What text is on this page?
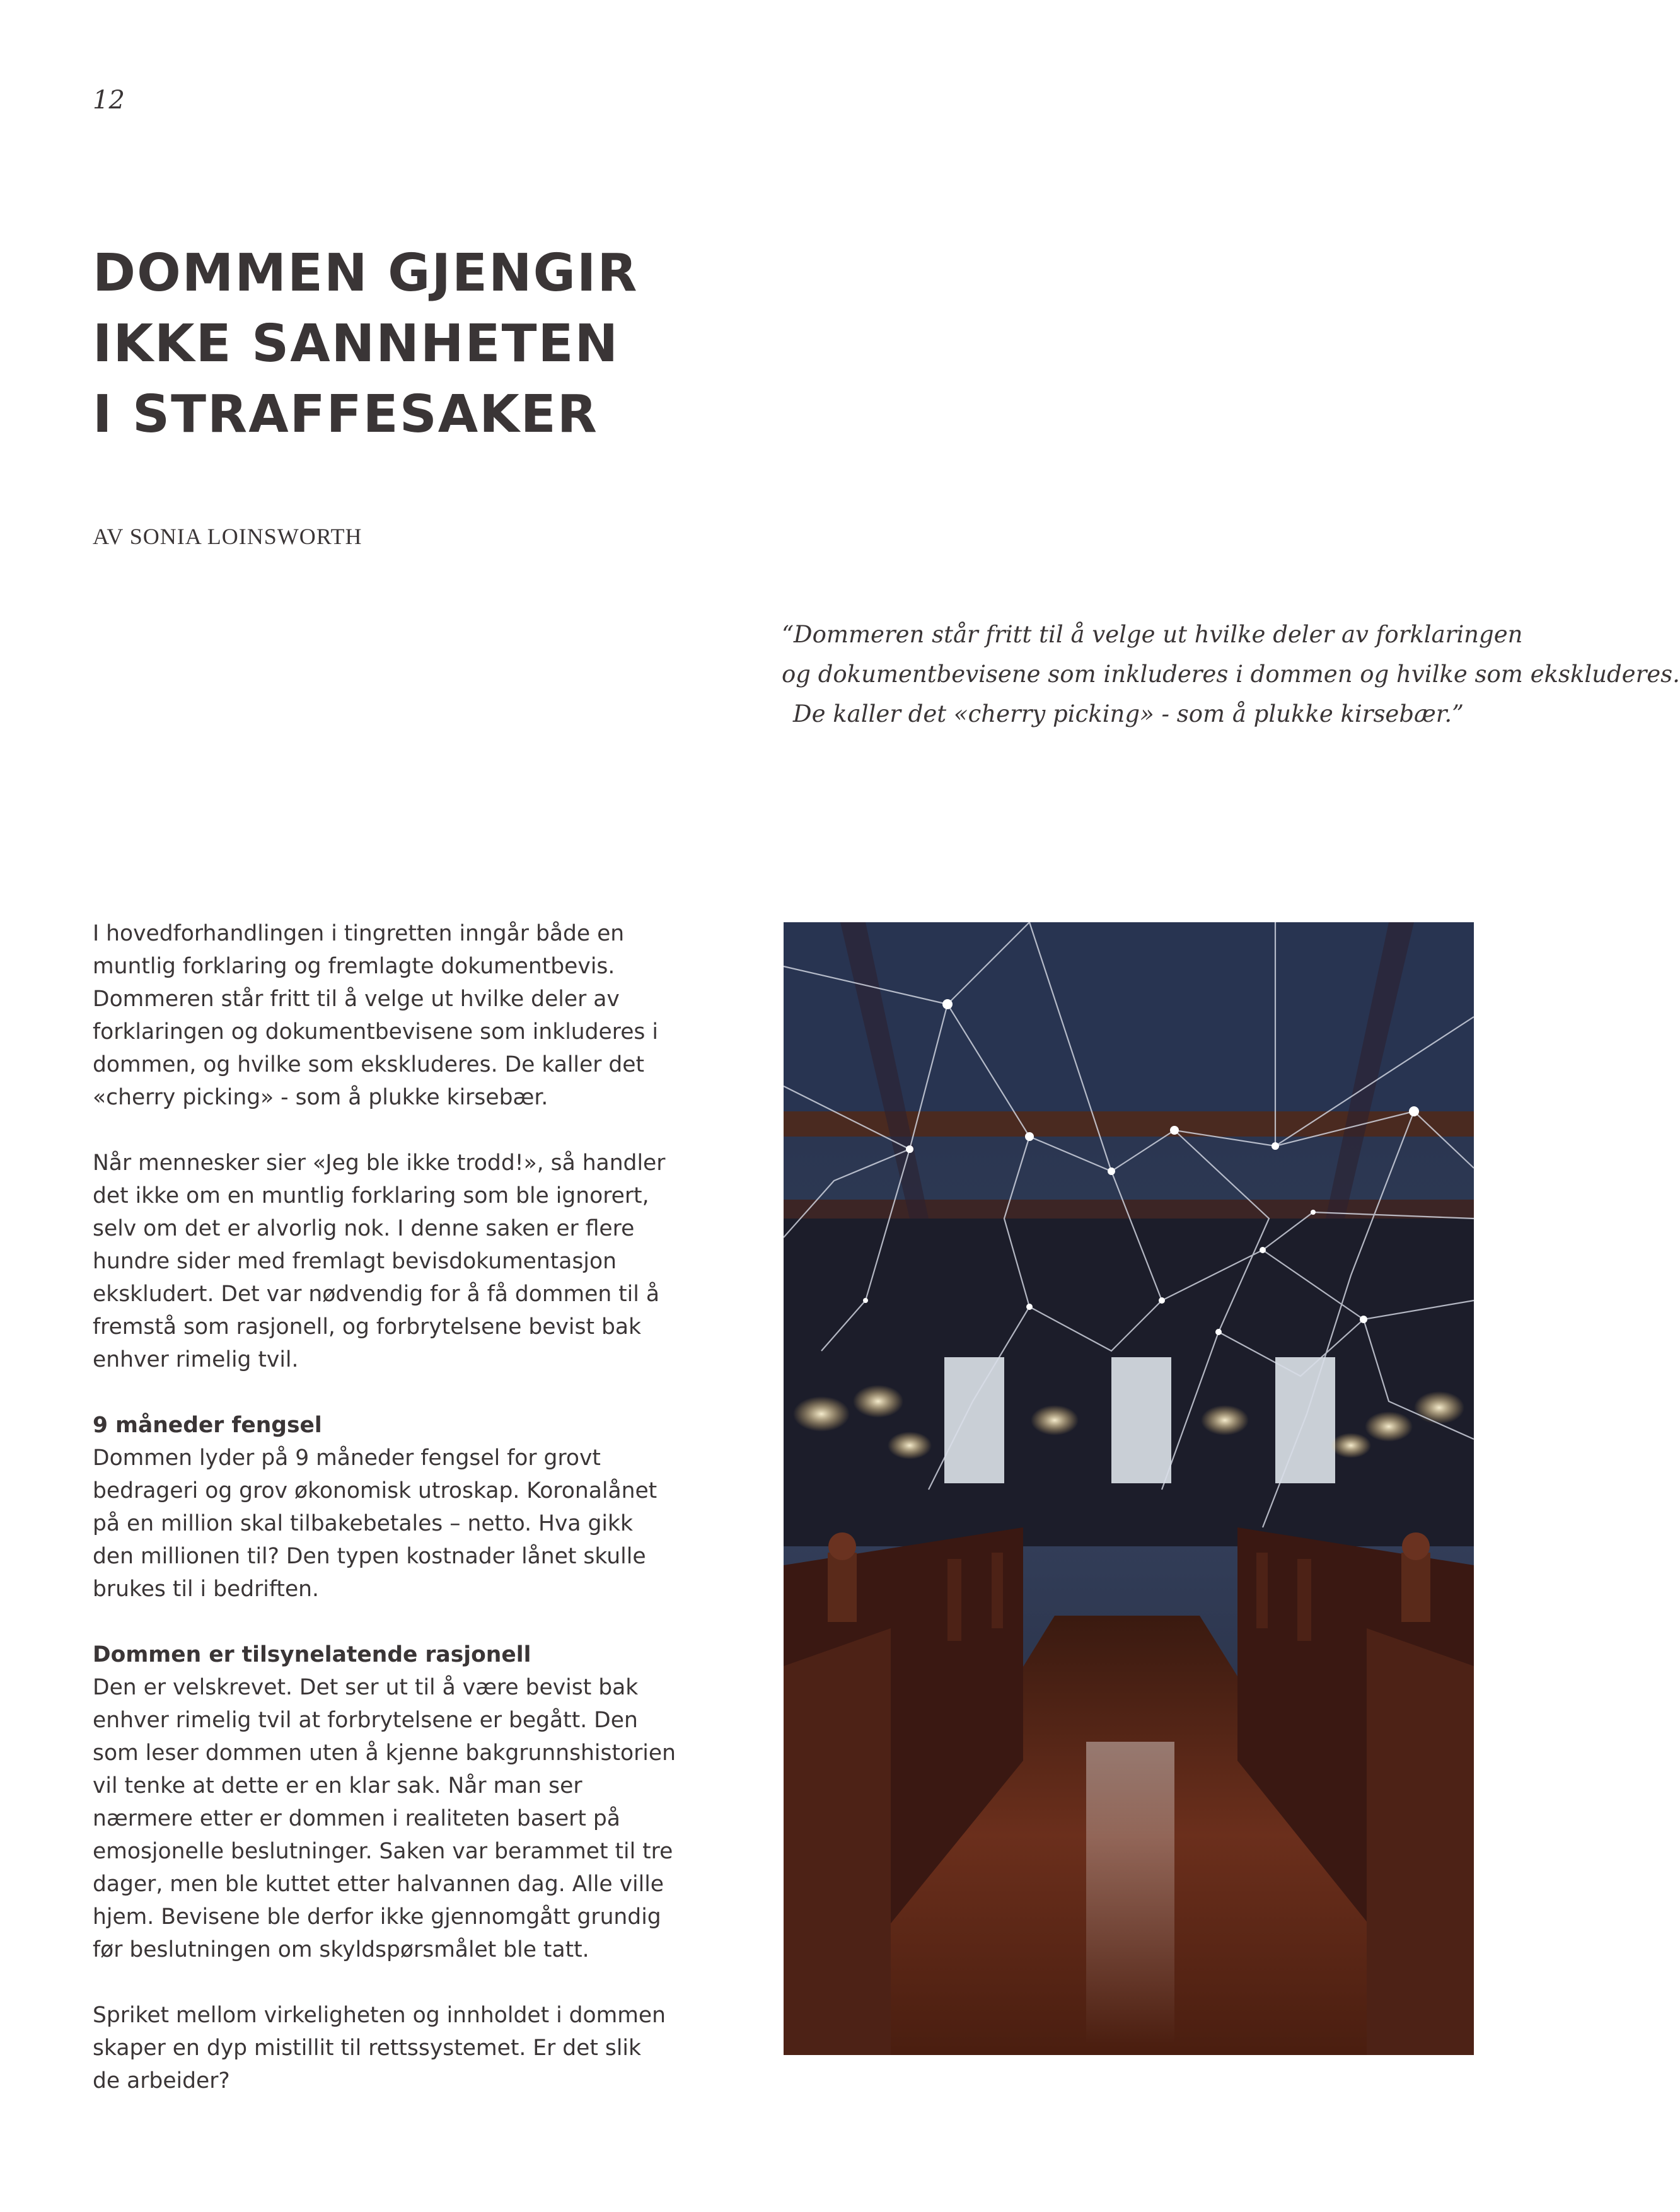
12
DOMMEN GJENGIR
IKKE SANNHETEN
I STRAFFESAKER
AV SONIA LOINSWORTH
“Dommeren står fritt til å velge ut hvilke deler av forklaringen
og dokumentbevisene som inkluderes i dommen og hvilke som ekskluderes.
De kaller det «cherry picking» - som å plukke kirsebær.”
I hovedforhandlingen i tingretten inngår både en
muntlig forklaring og fremlagte dokumentbevis.
Dommeren står fritt til å velge ut hvilke deler av
forklaringen og dokumentbevisene som inkluderes i
dommen, og hvilke som ekskluderes. De kaller det
«cherry picking» - som å plukke kirsebær.
Når mennesker sier «Jeg ble ikke trodd!», så handler
det ikke om en muntlig forklaring som ble ignorert,
selv om det er alvorlig nok. I denne saken er flere
hundre sider med fremlagt bevisdokumentasjon
ekskludert. Det var nødvendig for å få dommen til å
fremstå som rasjonell, og forbrytelsene bevist bak
enhver rimelig tvil.
9 måneder fengsel
Dommen lyder på 9 måneder fengsel for grovt
bedrageri og grov økonomisk utroskap. Koronalånet
på en million skal tilbakebetales – netto. Hva gikk
den millionen til? Den typen kostnader lånet skulle
brukes til i bedriften.
Dommen er tilsynelatende rasjonell
Den er velskrevet. Det ser ut til å være bevist bak
enhver rimelig tvil at forbrytelsene er begått. Den
som leser dommen uten å kjenne bakgrunnshistorien
vil tenke at dette er en klar sak. Når man ser
nærmere etter er dommen i realiteten basert på
emosjonelle beslutninger. Saken var berammet til tre
dager, men ble kuttet etter halvannen dag. Alle ville
hjem. Bevisene ble derfor ikke gjennomgått grundig
før beslutningen om skyldspørsmålet ble tatt.
Spriket mellom virkeligheten og innholdet i dommen
skaper en dyp mistillit til rettssystemet. Er det slik
de arbeider?
